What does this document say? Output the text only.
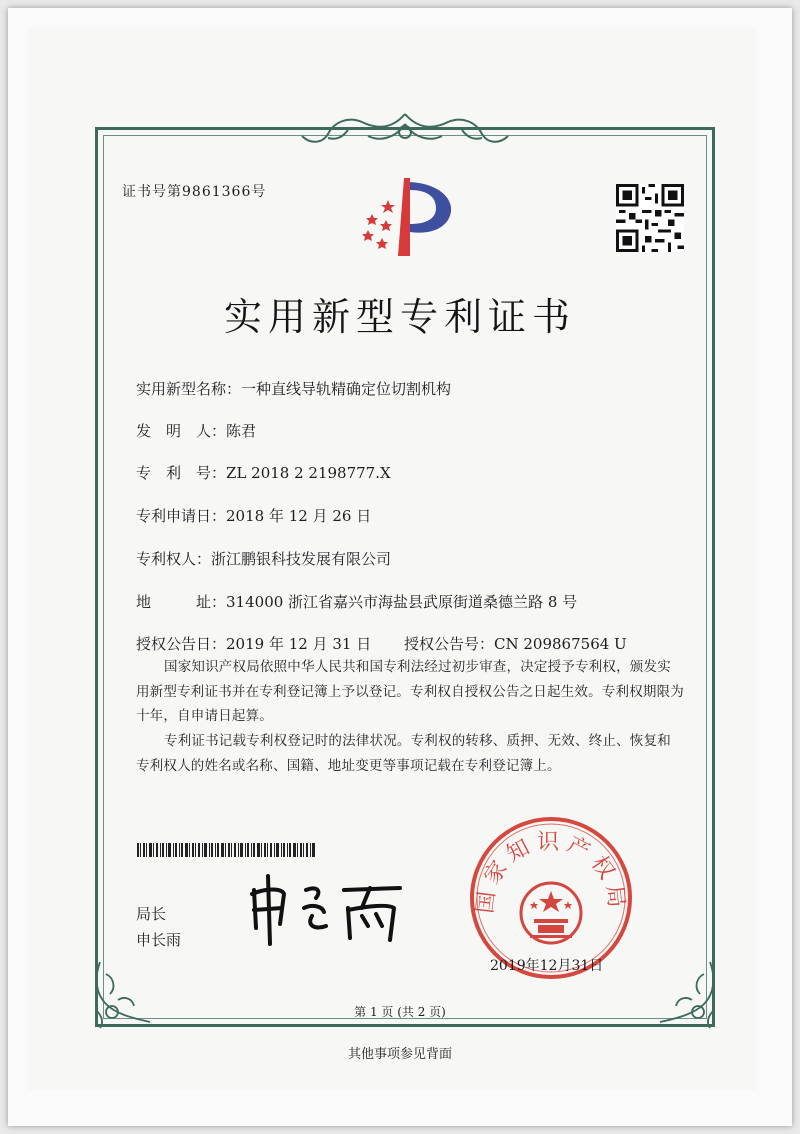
证书号第9861366号
实用新型专利证书
实用新型名称：一种直线导轨精确定位切割机构
发　明　人：陈君
专　利　号：ZL 2018 2 2198777.X
专利申请日：2018 年 12 月 26 日
专利权人：浙江鹏银科技发展有限公司
地　　　址：314000 浙江省嘉兴市海盐县武原街道桑德兰路 8 号
授权公告日：2019 年 12 月 31 日 授权公告号：CN 209867564 U
国家知识产权局依照中华人民共和国专利法经过初步审查，决定授予专利权，颁发实用新型专利证书并在专利登记簿上予以登记。专利权自授权公告之日起生效。专利权期限为十年，自申请日起算。
专利证书记载专利权登记时的法律状况。专利权的转移、质押、无效、终止、恢复和专利权人的姓名或名称、国籍、地址变更等事项记载在专利登记簿上。
局长
申长雨
国家知识产权局
2019年12月31日
第 1 页 (共 2 页)
其他事项参见背面
